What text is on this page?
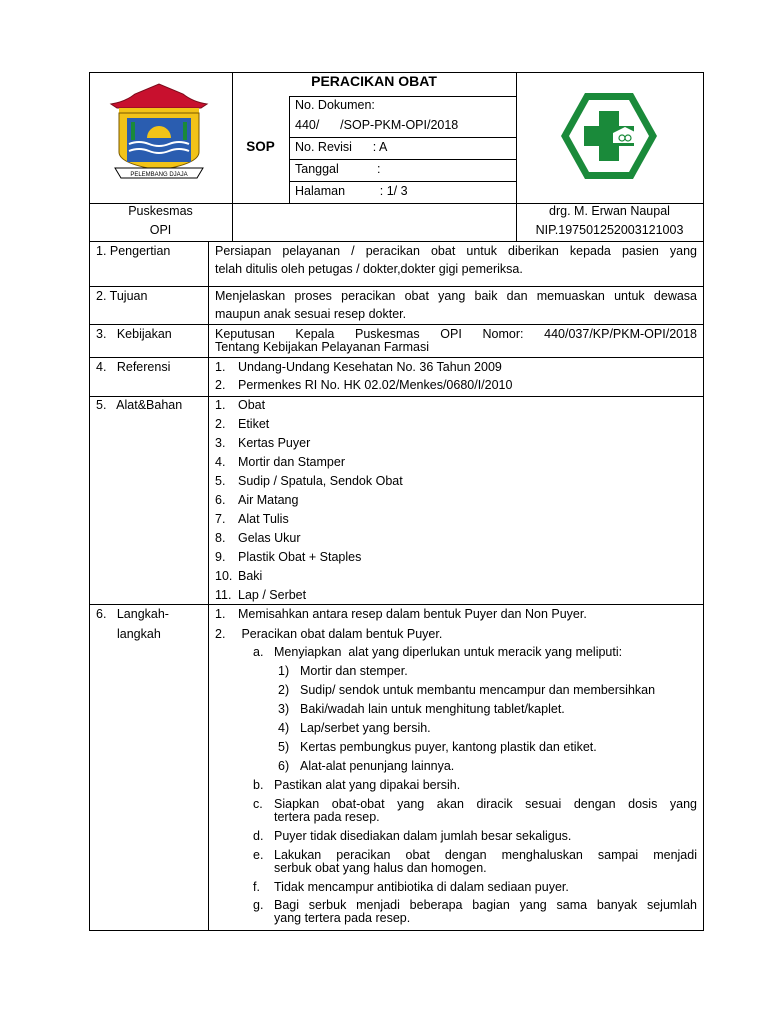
PERACIKAN OBAT
SOP
No. Dokumen:
440/      /SOP-PKM-OPI/2018
No. Revisi      : A
Tanggal           :
Halaman          : 1/ 3
Puskesmas
OPI
drg. M. Erwan Naupal
NIP.197501252003121003
PELEMBANG DJAJA
1. Pengertian	Persiapan pelayanan / peracikan obat untuk diberikan kepada pasien yang
telah ditulis oleh petugas / dokter,dokter gigi pemeriksa.
2. Tujuan	Menjelaskan proses peracikan obat yang baik dan memuaskan untuk dewasa
maupun anak sesuai resep dokter.
3.   Kebijakan	Keputusan Kepala Puskesmas OPI Nomor: 440/037/KP/PKM-OPI/2018
Tentang Kebijakan Pelayanan Farmasi
4.   Referensi	1. Undang-Undang Kesehatan No. 36 Tahun 2009
2. Permenkes RI No. HK 02.02/Menkes/0680/I/2010
5.   Alat&Bahan	1. Obat
2. Etiket
3. Kertas Puyer
4. Mortir dan Stamper
5. Sudip / Spatula, Sendok Obat
6. Air Matang
7. Alat Tulis
8. Gelas Ukur
9. Plastik Obat + Staples
10. Baki
11. Lap / Serbet
6.   Langkah-
langkah
1. Memisahkan antara resep dalam bentuk Puyer dan Non Puyer.
2. Peracikan obat dalam bentuk Puyer.
a. Menyiapkan  alat yang diperlukan untuk meracik yang meliputi:
1) Mortir dan stemper.
2) Sudip/ sendok untuk membantu mencampur dan membersihkan
3) Baki/wadah lain untuk menghitung tablet/kaplet.
4) Lap/serbet yang bersih.
5) Kertas pembungkus puyer, kantong plastik dan etiket.
6) Alat-alat penunjang lainnya.
b. Pastikan alat yang dipakai bersih.
c. Siapkan obat-obat yang akan diracik sesuai dengan dosis yang
tertera pada resep.
d. Puyer tidak disediakan dalam jumlah besar sekaligus.
e. Lakukan peracikan obat dengan menghaluskan sampai menjadi
serbuk obat yang halus dan homogen.
f. Tidak mencampur antibiotika di dalam sediaan puyer.
g. Bagi serbuk menjadi beberapa bagian yang sama banyak sejumlah
yang tertera pada resep.
